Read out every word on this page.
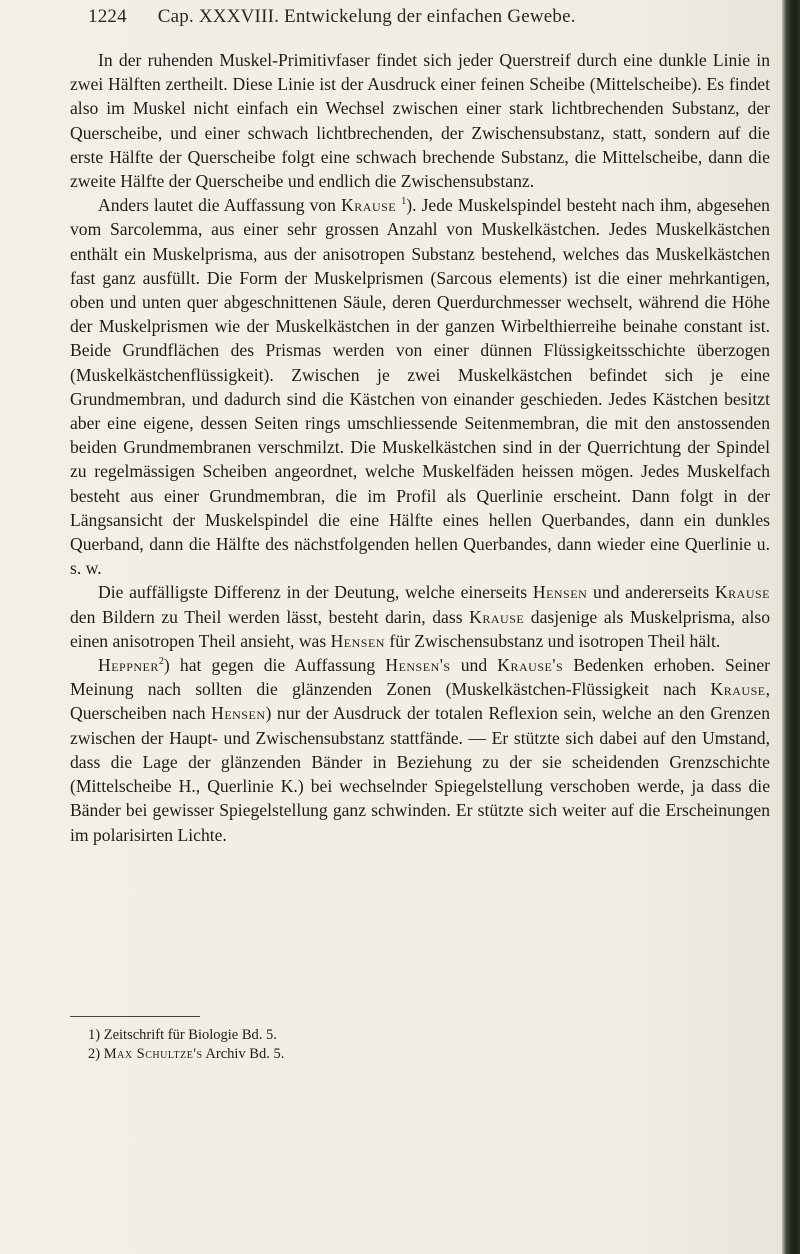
1224 Cap. XXXVIII. Entwickelung der einfachen Gewebe.

In der ruhenden Muskel-Primitivfaser findet sich jeder Querstreif durch eine dunkle Linie in zwei Hälften zertheilt. Diese Linie ist der Ausdruck einer feinen Scheibe (Mittelscheibe). Es findet also im Muskel nicht einfach ein Wechsel zwischen einer stark lichtbrechenden Substanz, der Querscheibe, und einer schwach lichtbrechenden, der Zwischensubstanz, statt, sondern auf die erste Hälfte der Querscheibe folgt eine schwach brechende Substanz, die Mittelscheibe, dann die zweite Hälfte der Querscheibe und endlich die Zwischensubstanz.

Anders lautet die Auffassung von Krause $^1$). Jede Muskelspindel besteht nach ihm, abgesehen vom Sarcolemma, aus einer sehr grossen Anzahl von Muskelkästchen. Jedes Muskelkästchen enthält ein Muskelprisma, aus der anisotropen Substanz bestehend, welches das Muskelkästchen fast ganz ausfüllt. Die Form der Muskelprismen (Sarcous elements) ist die einer mehrkantigen, oben und unten quer abgeschnittenen Säule, deren Querdurchmesser wechselt, während die Höhe der Muskelprismen wie der Muskelkästchen in der ganzen Wirbelthierreihe beinahe constant ist. Beide Grundflächen des Prismas werden von einer dünnen Flüssigkeitsschichte überzogen (Muskelkästchenflüssigkeit). Zwischen je zwei Muskelkästchen befindet sich je eine Grundmembran, und dadurch sind die Kästchen von einander geschieden. Jedes Kästchen besitzt aber eine eigene, dessen Seiten rings umschliessende Seitenmembran, die mit den anstossenden beiden Grundmembranen verschmilzt. Die Muskelkästchen sind in der Querrichtung der Spindel zu regelmässigen Scheiben angeordnet, welche Muskelfäden heissen mögen. Jedes Muskelfach besteht aus einer Grundmembran, die im Profil als Querlinie erscheint. Dann folgt in der Längsansicht der Muskelspindel die eine Hälfte eines hellen Querbandes, dann ein dunkles Querband, dann die Hälfte des nächstfolgenden hellen Querbandes, dann wieder eine Querlinie u. s. w.

Die auffälligste Differenz in der Deutung, welche einerseits Hensen und andererseits Krause den Bildern zu Theil werden lässt, besteht darin, dass Krause dasjenige als Muskelprisma, also einen anisotropen Theil ansieht, was Hensen für Zwischensubstanz und isotropen Theil hält.

Heppner$^2$) hat gegen die Auffassung Hensen's und Krause's Bedenken erhoben. Seiner Meinung nach sollten die glänzenden Zonen (Muskelkästchen-Flüssigkeit nach Krause, Querscheiben nach Hensen) nur der Ausdruck der totalen Reflexion sein, welche an den Grenzen zwischen der Haupt- und Zwischensubstanz stattfände. — Er stützte sich dabei auf den Umstand, dass die Lage der glänzenden Bänder in Beziehung zu der sie scheidenden Grenzschichte (Mittelscheibe H., Querlinie K.) bei wechselnder Spiegelstellung verschoben werde, ja dass die Bänder bei gewisser Spiegelstellung ganz schwinden. Er stützte sich weiter auf die Erscheinungen im polarisirten Lichte.

1) Zeitschrift für Biologie Bd. 5.
2) Max Schultze's Archiv Bd. 5.
